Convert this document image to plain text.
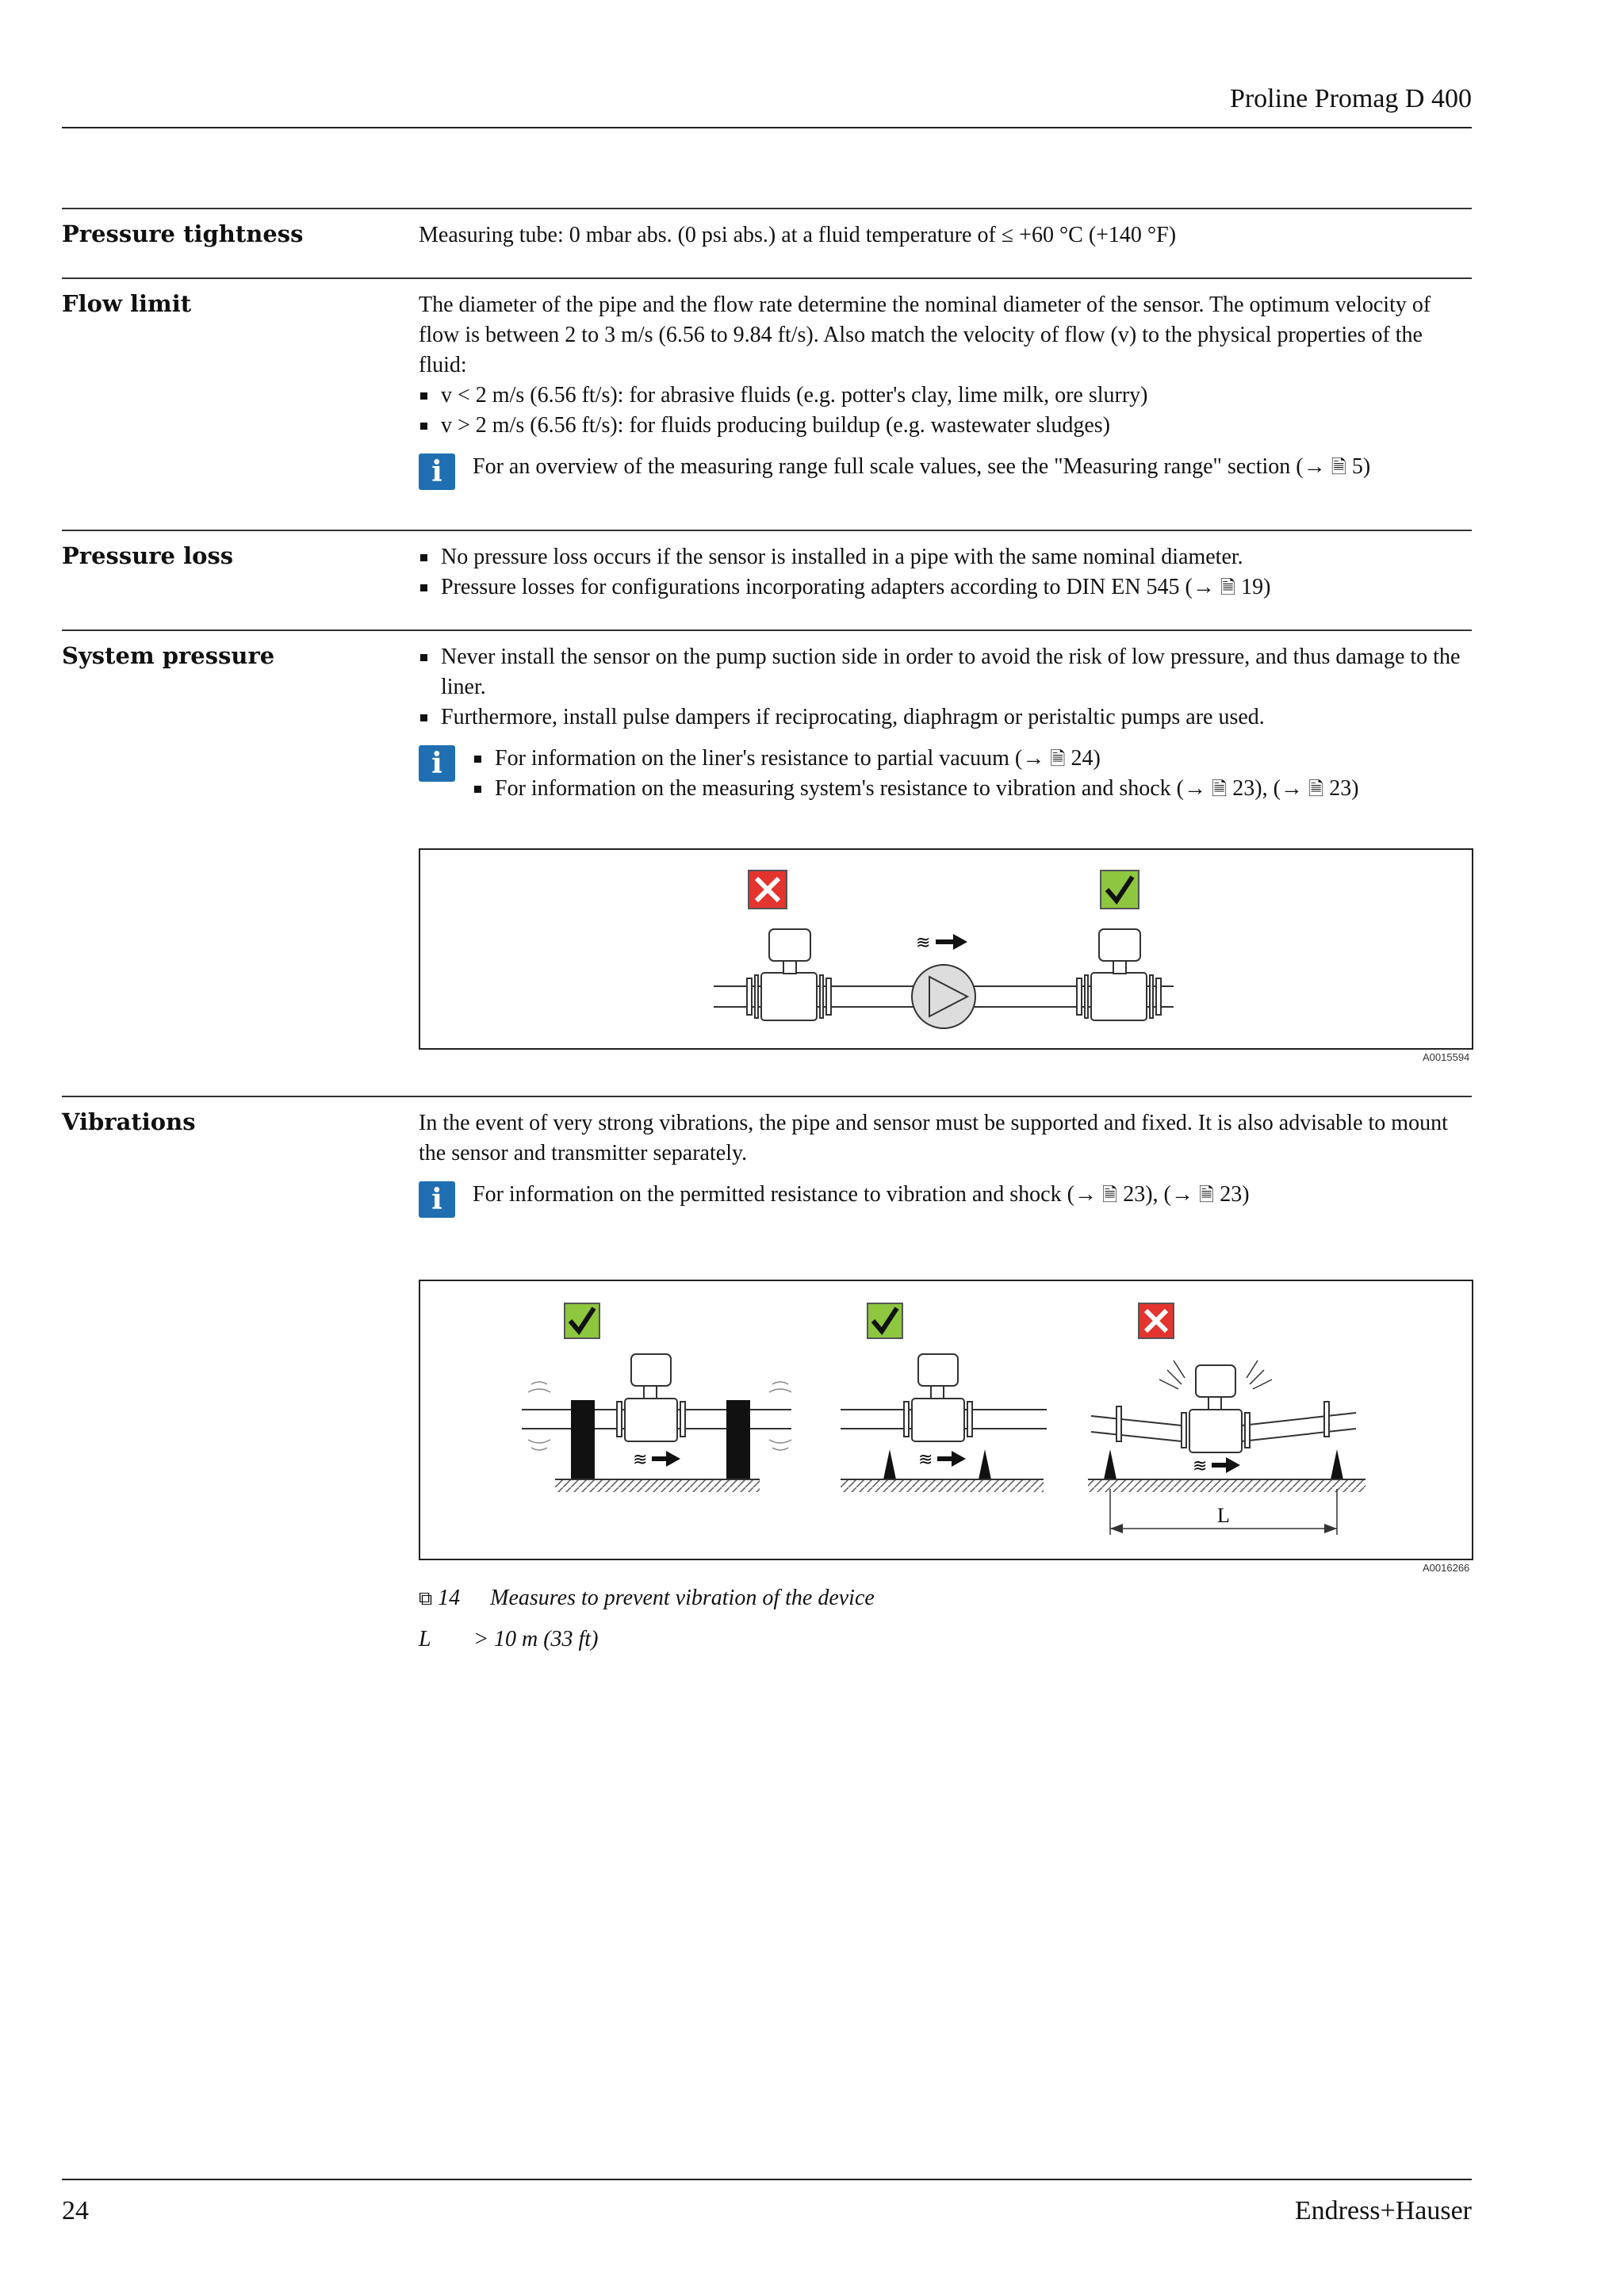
Proline Promag D 400
Pressure tightness	Measuring tube: 0 mbar abs. (0 psi abs.) at a fluid temperature of ≤ +60 °C (+140 °F)

Flow limit	The diameter of the pipe and the flow rate determine the nominal diameter of the sensor. The optimum velocity of flow is between 2 to 3 m/s (6.56 to 9.84 ft/s). Also match the velocity of flow (v) to the physical properties of the fluid:

v < 2 m/s (6.56 ft/s): for abrasive fluids (e.g. potter's clay, lime milk, ore slurry)
v > 2 m/s (6.56 ft/s): for fluids producing buildup (e.g. wastewater sludges)
i	For an overview of the measuring range full scale values, see the "Measuring range" section (→ 🗎 5)
Pressure loss	No pressure loss occurs if the sensor is installed in a pipe with the same nominal diameter.
Pressure losses for configurations incorporating adapters according to DIN EN 545 (→ 🗎 19)
System pressure	Never install the sensor on the pump suction side in order to avoid the risk of low pressure, and thus damage to the liner.
Furthermore, install pulse dampers if reciprocating, diaphragm or peristaltic pumps are used.
i	For information on the liner's resistance to partial vacuum (→ 🗎 24)
For information on the measuring system's resistance to vibration and shock (→ 🗎 23), (→ 🗎 23)
≋
A0015594
Vibrations	In the event of very strong vibrations, the pipe and sensor must be supported and fixed. It is also advisable to mount the sensor and transmitter separately.

i	For information on the permitted resistance to vibration and shock (→ 🗎 23), (→ 🗎 23)
≋	≋	≋
L
A0016266
⧉ 14 Measures to prevent vibration of the device
L > 10 m (33 ft)
24	Endress+Hauser
